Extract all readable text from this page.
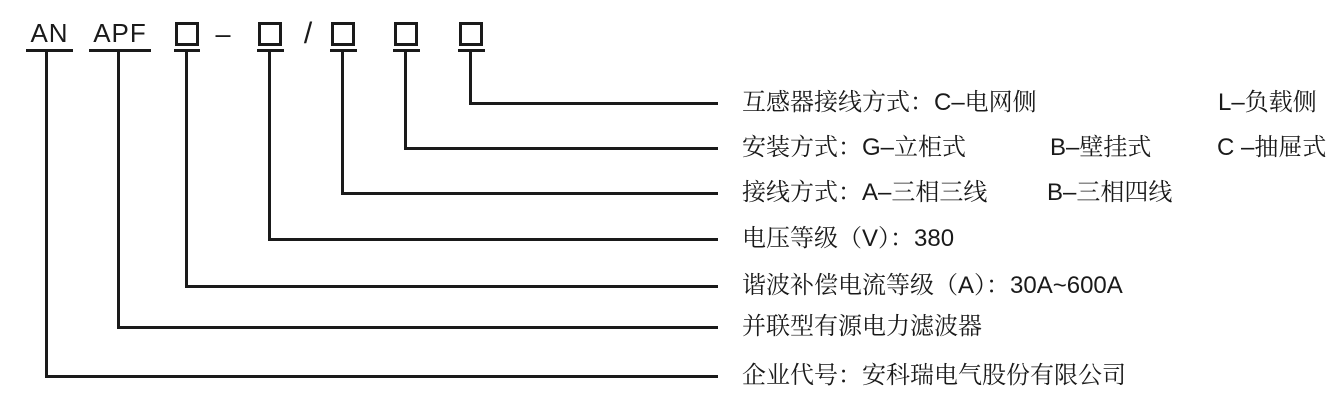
AN APF	– /
互感器接线方式：C–电网侧	L–负载侧
安装方式：G–立柜式	B–壁挂式	C –抽屉式
接线方式：A–三相三线 B–三相四线
电压等级（V）：380
谐波补偿电流等级（A）：30A~600A
并联型有源电力滤波器
企业代号：安科瑞电气股份有限公司
